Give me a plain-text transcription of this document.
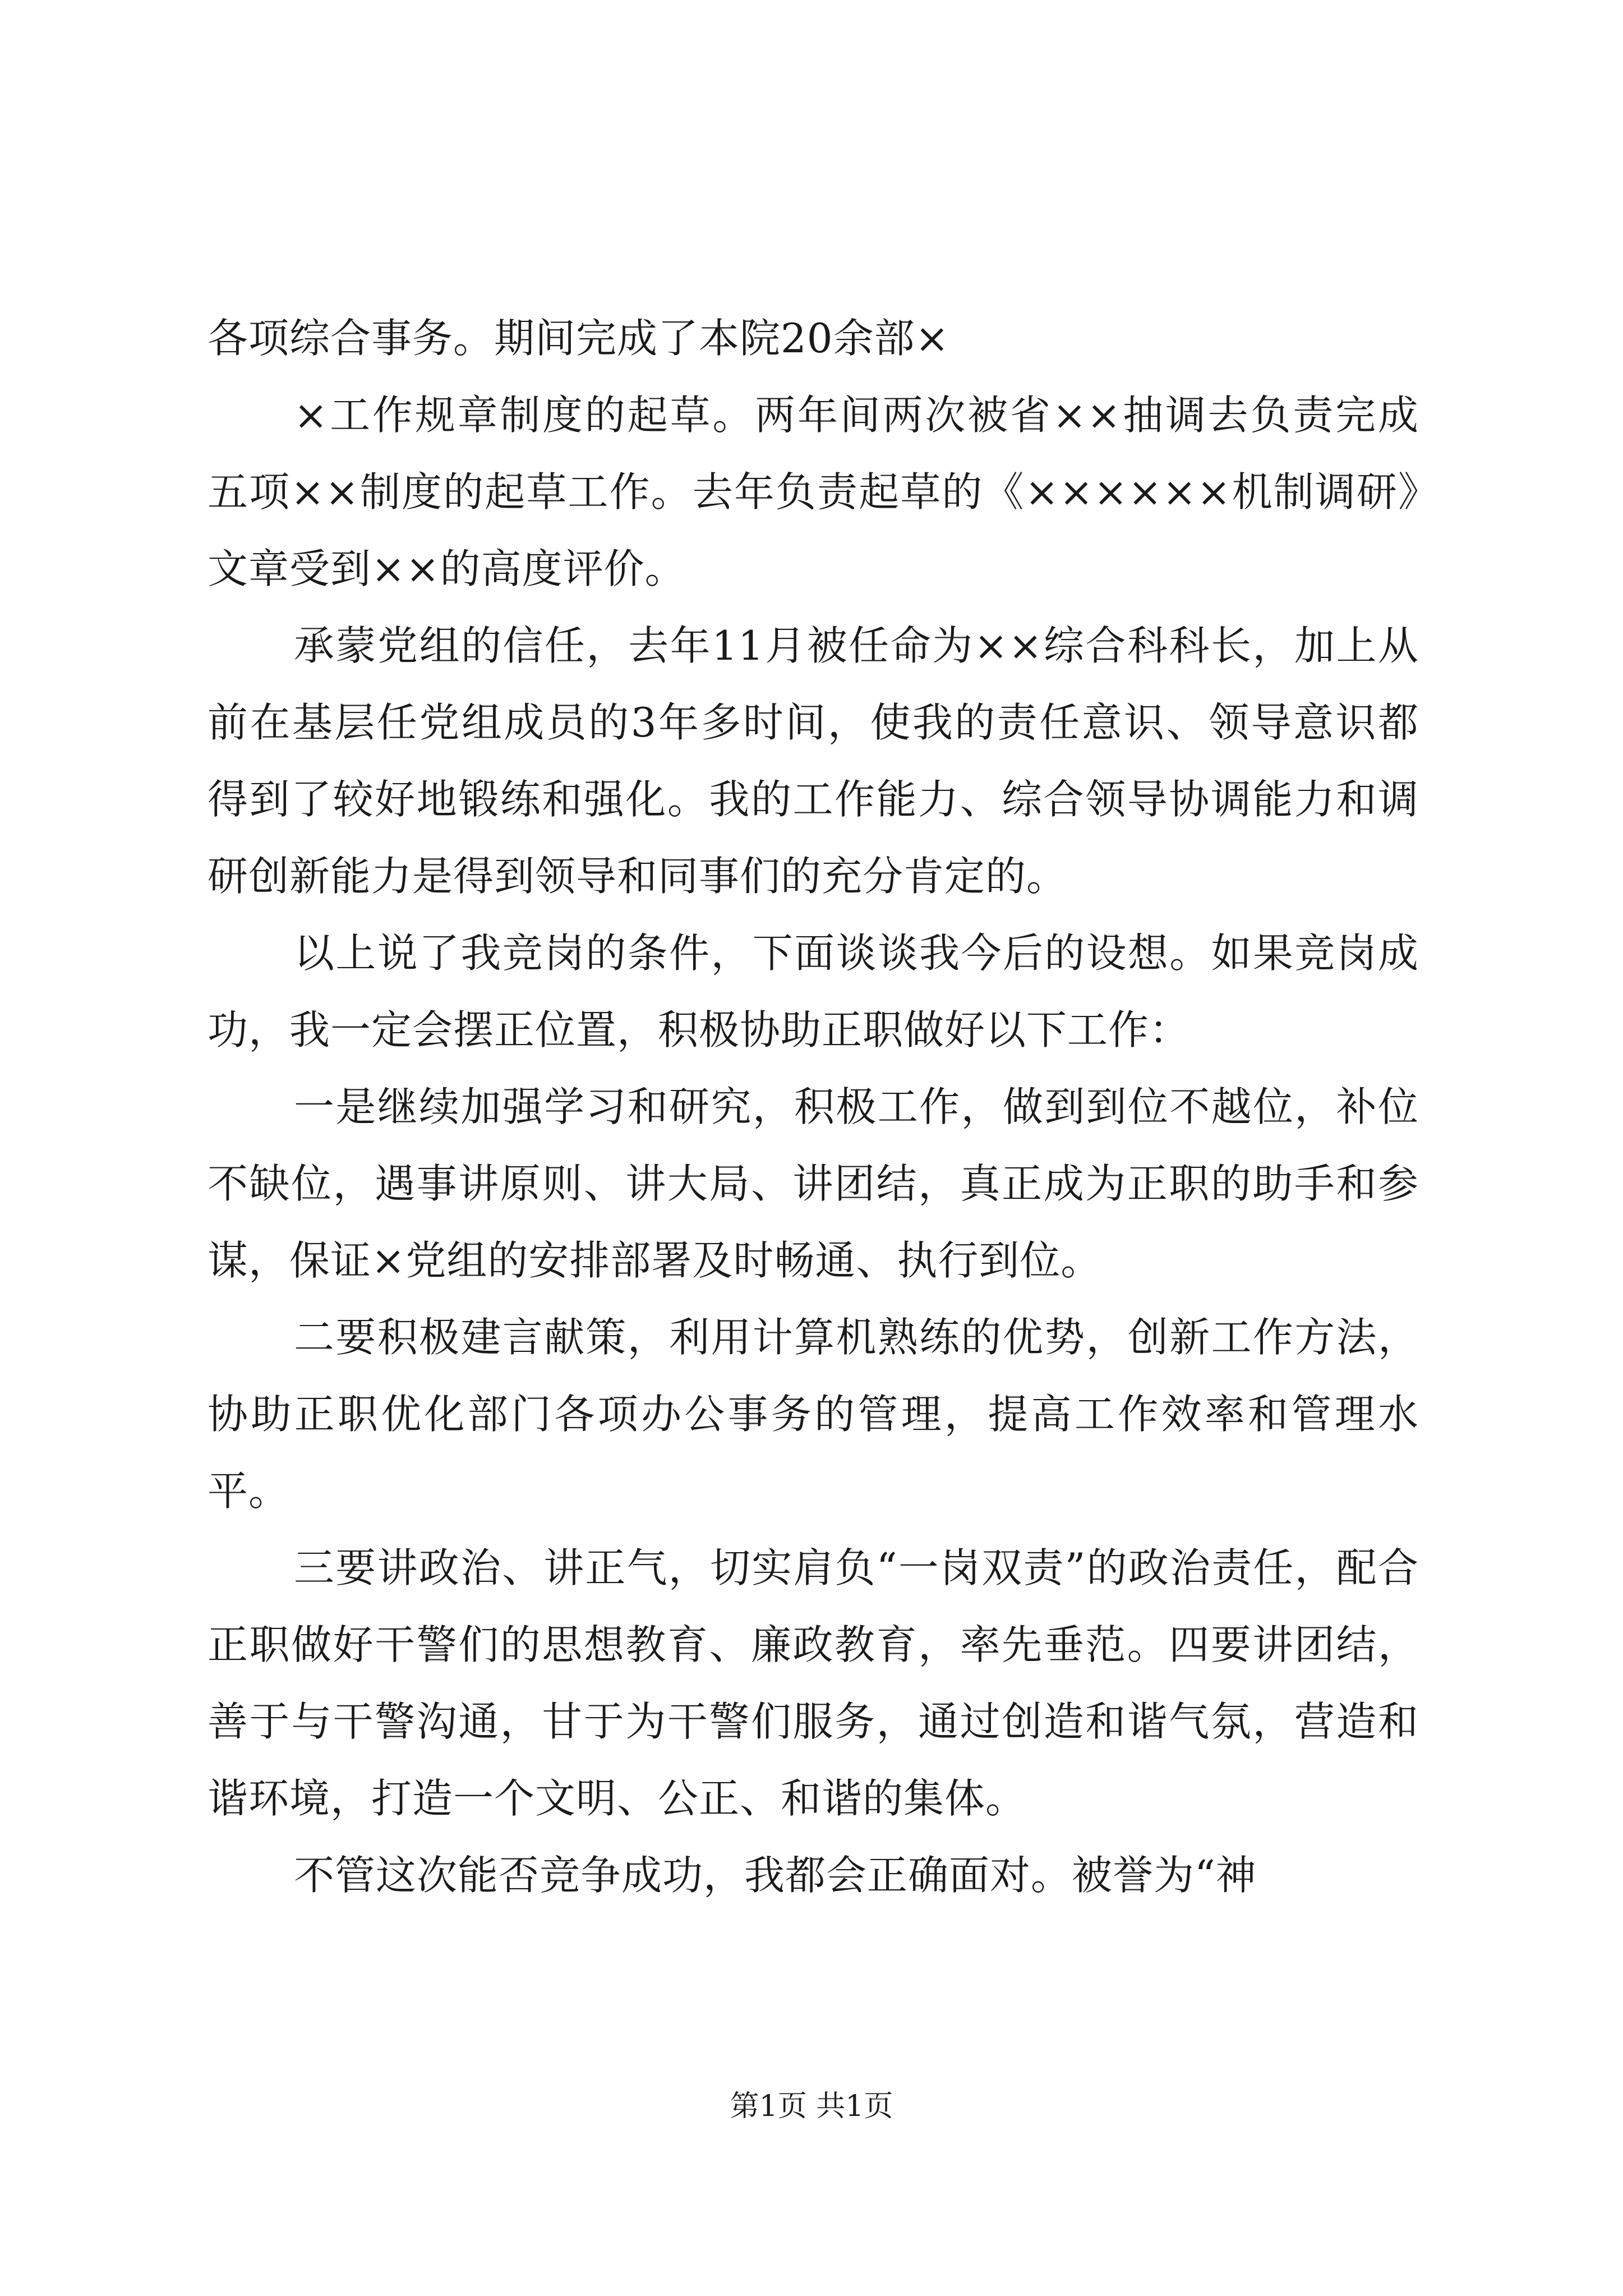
各项综合事务。期间完成了本院20余部×

×工作规章制度的起草。两年间两次被省××抽调去负责完成五项××制度的起草工作。去年负责起草的《××××××机制调研》文章受到××的高度评价。

承蒙党组的信任，去年11月被任命为××综合科科长，加上从前在基层任党组成员的3年多时间，使我的责任意识、领导意识都得到了较好地锻练和强化。我的工作能力、综合领导协调能力和调研创新能力是得到领导和同事们的充分肯定的。

以上说了我竞岗的条件，下面谈谈我今后的设想。如果竞岗成功，我一定会摆正位置，积极协助正职做好以下工作：

一是继续加强学习和研究，积极工作，做到到位不越位，补位不缺位，遇事讲原则、讲大局、讲团结，真正成为正职的助手和参谋，保证×党组的安排部署及时畅通、执行到位。

二要积极建言献策，利用计算机熟练的优势，创新工作方法，协助正职优化部门各项办公事务的管理，提高工作效率和管理水平。

三要讲政治、讲正气，切实肩负“一岗双责”的政治责任，配合正职做好干警们的思想教育、廉政教育，率先垂范。四要讲团结，善于与干警沟通，甘于为干警们服务，通过创造和谐气氛，营造和谐环境，打造一个文明、公正、和谐的集体。

不管这次能否竞争成功，我都会正确面对。被誉为“神

第1页 共1页
